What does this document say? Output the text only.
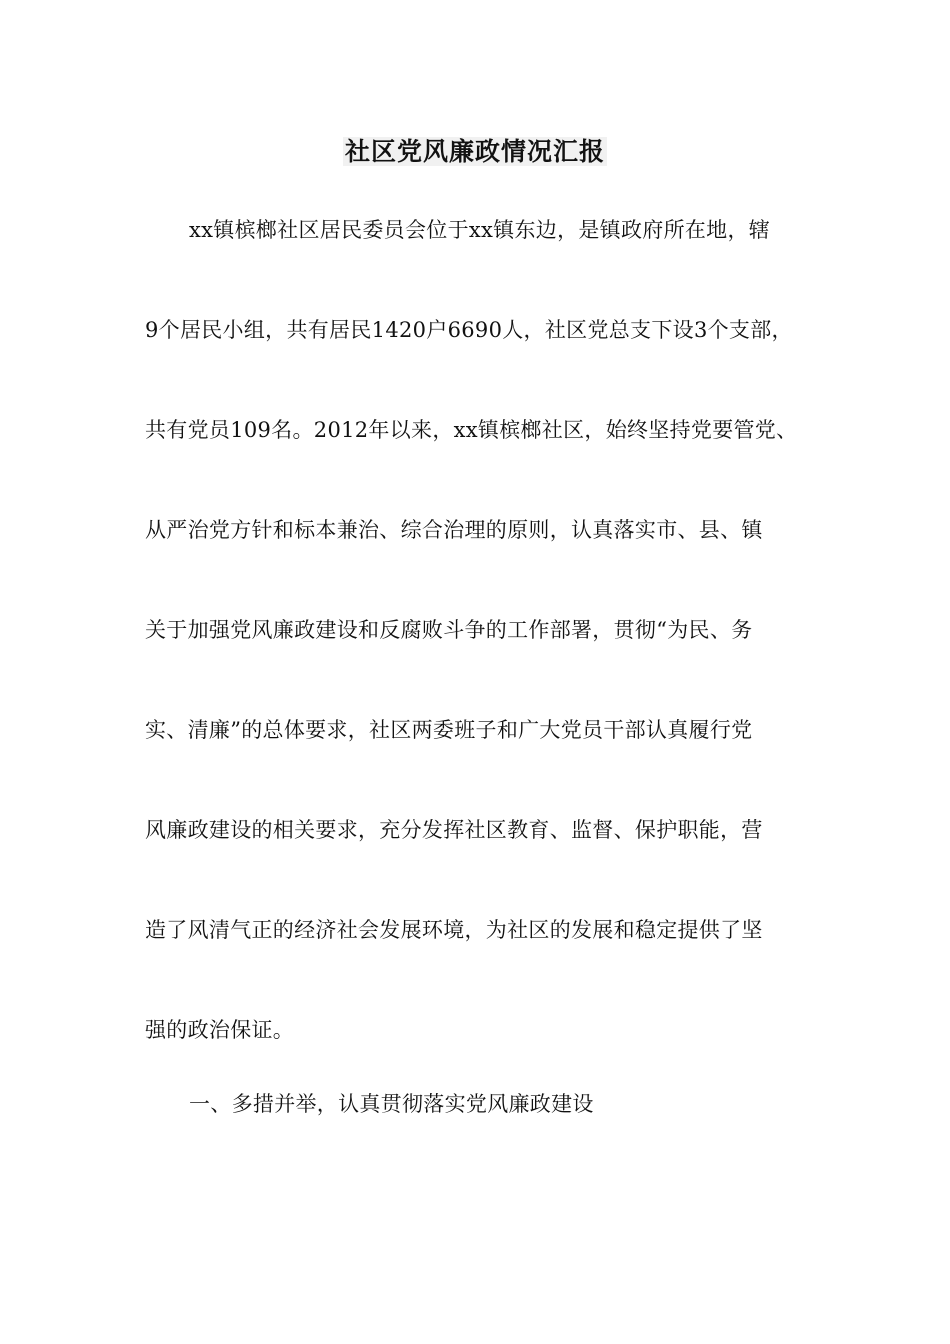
社区党风廉政情况汇报
xx镇槟榔社区居民委员会位于xx镇东边，是镇政府所在地，辖
9个居民小组，共有居民1420户6690人，社区党总支下设3个支部，
共有党员109名。2012年以来，xx镇槟榔社区，始终坚持党要管党、
从严治党方针和标本兼治、综合治理的原则，认真落实市、县、镇
关于加强党风廉政建设和反腐败斗争的工作部署，贯彻“为民、务
实、清廉”的总体要求，社区两委班子和广大党员干部认真履行党
风廉政建设的相关要求，充分发挥社区教育、监督、保护职能，营
造了风清气正的经济社会发展环境，为社区的发展和稳定提供了坚
强的政治保证。
一、多措并举，认真贯彻落实党风廉政建设
